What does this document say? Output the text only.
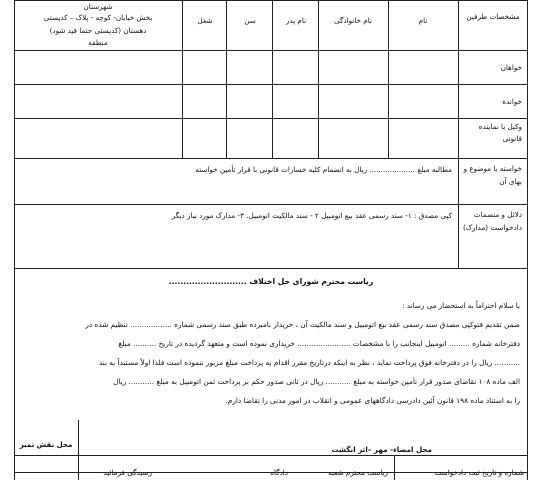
مشخصات طرفین
نام
نام خانوادگی
نام پدر
سن
شغل
شهرستان
بخش خیابان- کوچه - پلاک – کدپستی
دهستان (کدپستی حتما قید شود)
منطقه
خواهان
خوانده
وکیل یا نماینده قانونی
خواسته یا موضوع و بهای آن
مطالبه مبلغ .................... ریال به انضمام کلیه خسارات قانونی با قرار تأمین خواسته
دلائل و منضمات دادخواست (مدارک)
کپی مصدق : ۱- سند رسمی عقد بیع اتومبیل ۲ - سند مالکیت اتومبیل. ۳- مدارک مورد نیاز دیگر
ریاست محترم شورای حل اختلاف ...........................
با سلام احتراماً به استحضار می رساند :
ضمن تقدیم فتوکپی مصدق سند رسمی عقد بیع اتومبیل و سند مالکیت آن ، خریدار نامبرده طبق سند رسمی شماره .................. تنظیم شده در
دفترخانه شماره ......... اتومبیل اینجانب را با مشخصات ....................... خریداری نموده است و متعهد گردیده در تاریخ .......... مبلغ
........... ریال را در دفترخانه فوق پرداخت نماید ، نظر به اینکه درتاریخ مقرر اقدام به پرداخت مبلغ مزبور ننموده است فلذا اولاً مستنداً به بند
الف ماده ۱۰۸ تقاضای صدور قرار تأمین خواسته به مبلغ ........... ریال در ثانی صدور حکم بر پرداخت ثمن اتومبیل به مبلغ ........... ریال
را به استناد ماده ۱۹۸ قانون آئین دادرسی دادگاههای عمومی و انقلاب در امور مدنی را تقاضا دارم.
محل امضاء- مهر –اثر انگشت
محل نقش تمبر
شماره و تاریخ ثبت دادخواست
ریاست محترم شعبه
دادگاه
رسیدگی فرمائید
